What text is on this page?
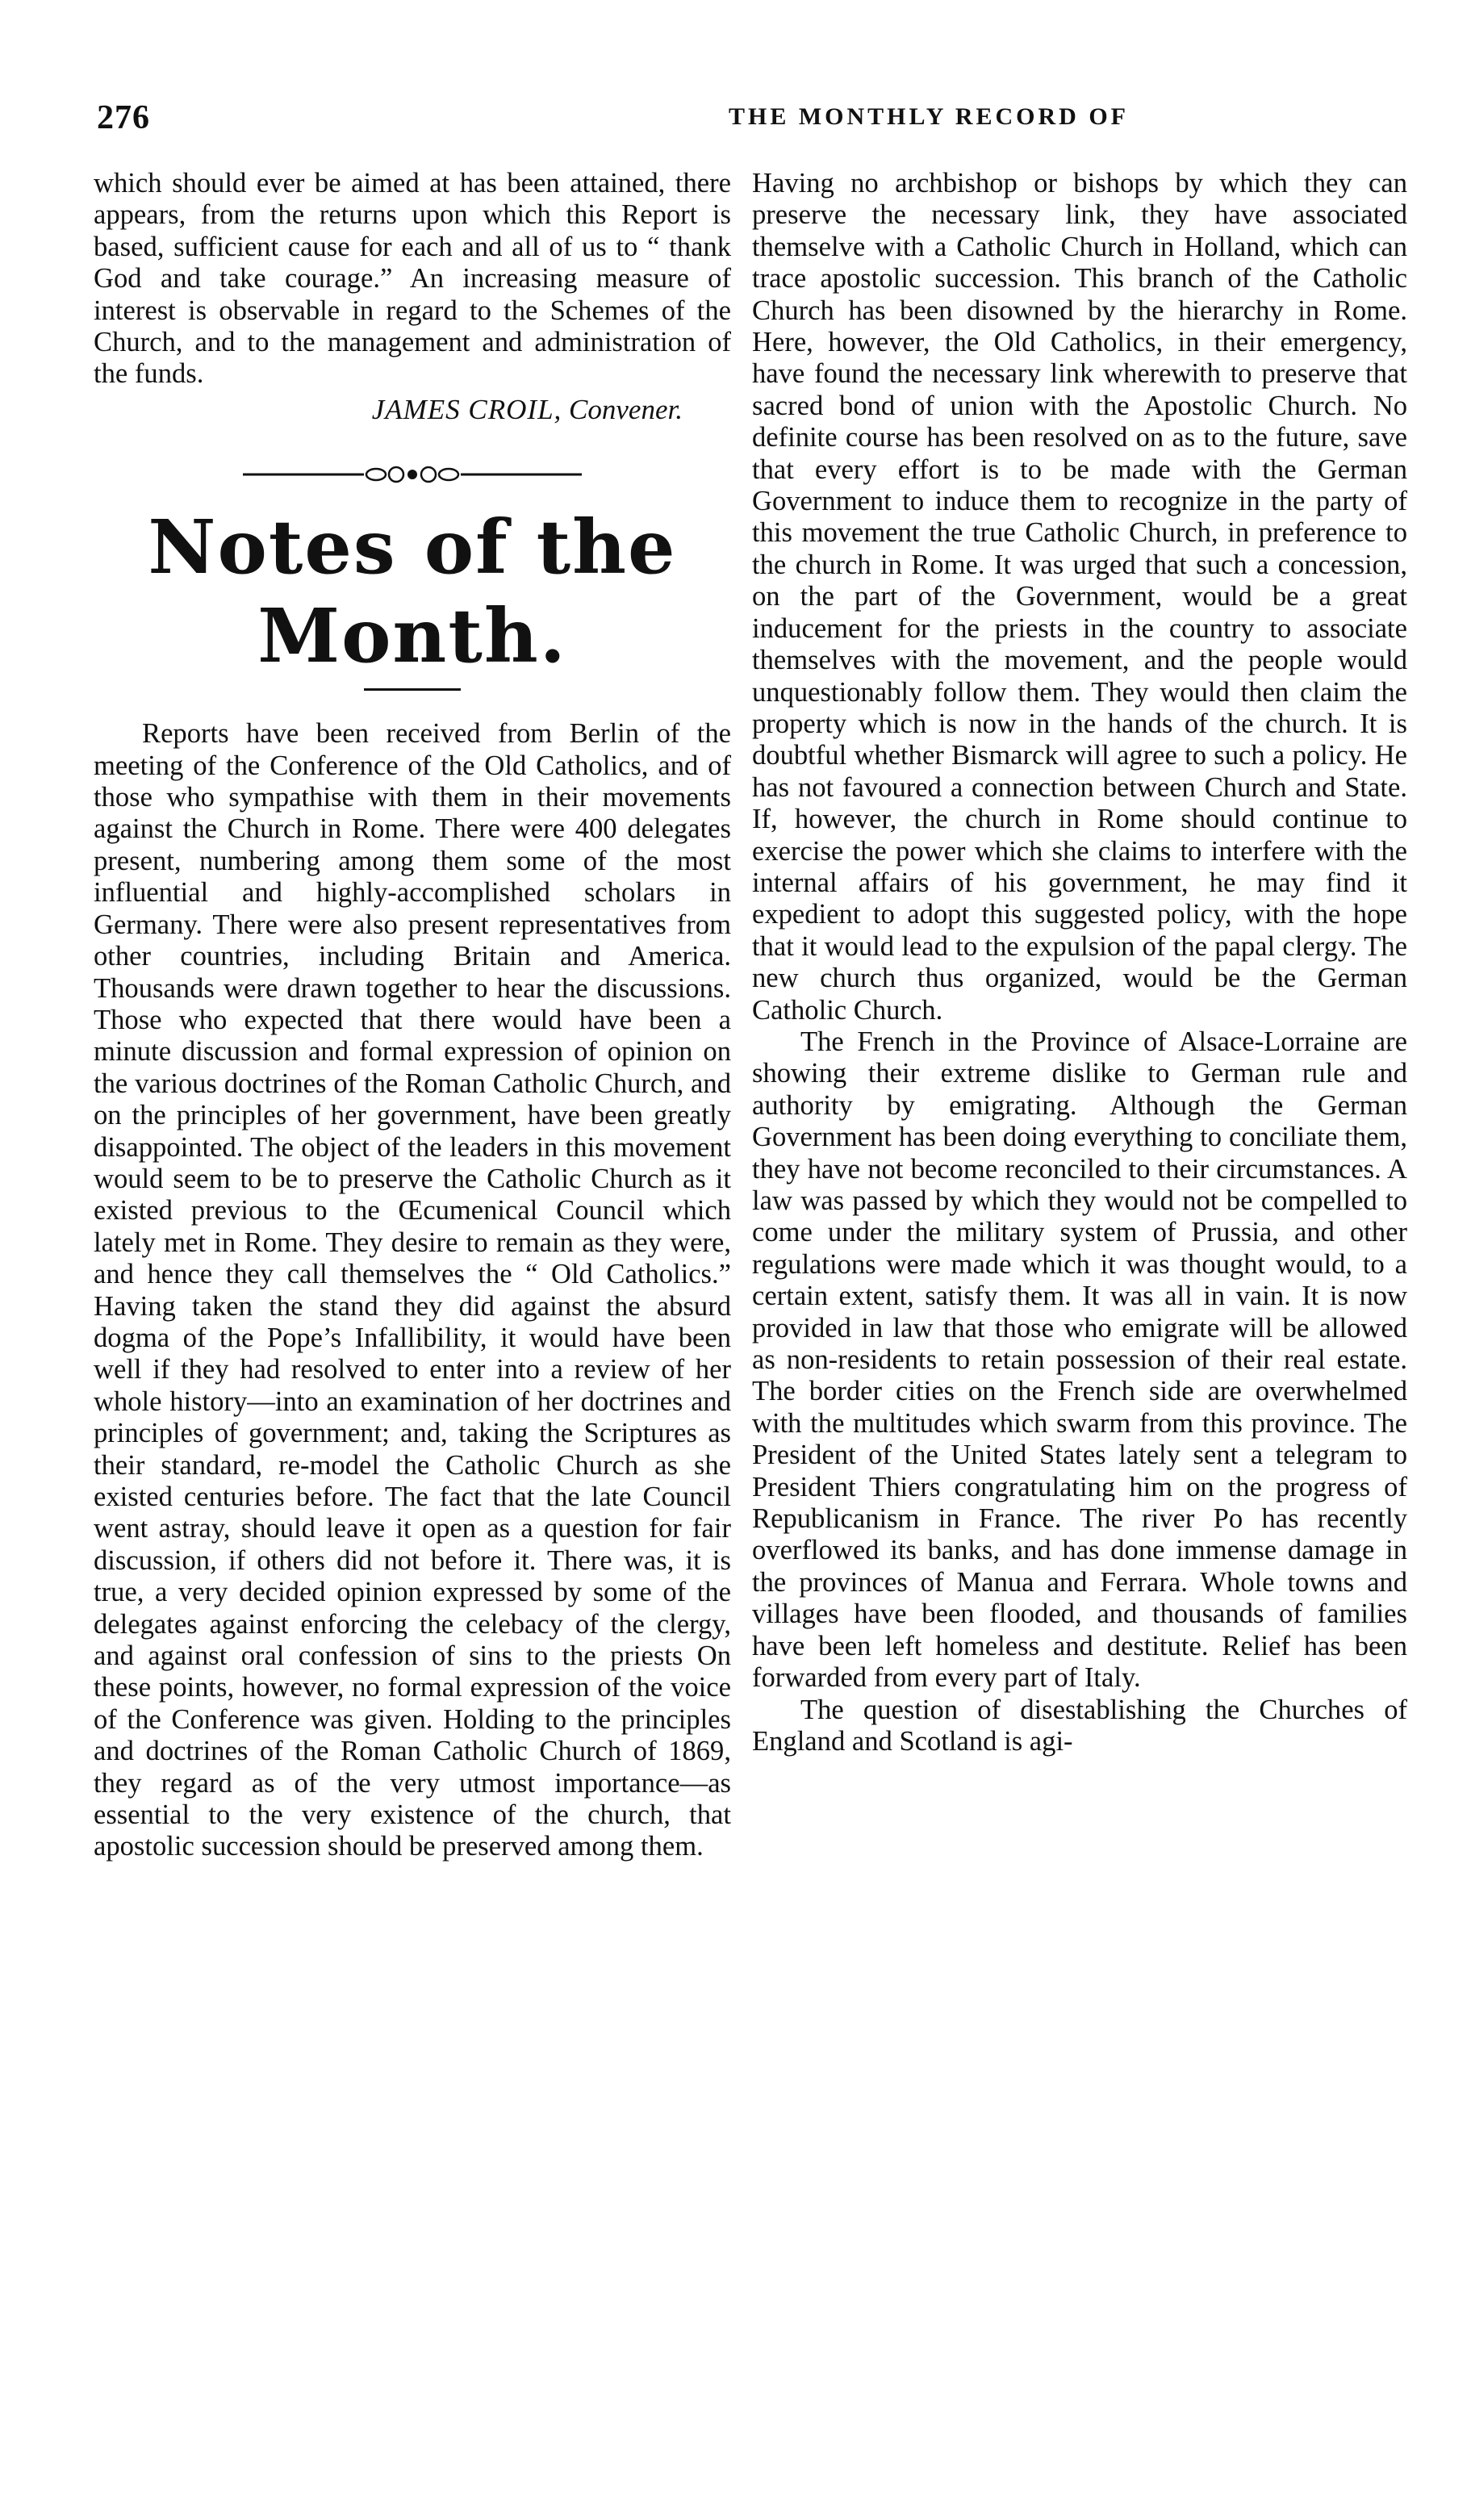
276	THE MONTHLY RECORD OF

which should ever be aimed at has been attained, there appears, from the returns upon which this Report is based, sufficient cause for each and all of us to “ thank God and take courage.” An increasing measure of interest is observable in regard to the Schemes of the Church, and to the management and administration of the funds.

JAMES CROIL, Convener.

Notes of the Month.

Reports have been received from Berlin of the meeting of the Conference of the Old Catholics, and of those who sympathise with them in their movements against the Church in Rome. There were 400 delegates present, numbering among them some of the most influential and highly-accomplished scholars in Germany. There were also present representatives from other countries, including Britain and America. Thousands were drawn together to hear the discussions. Those who expected that there would have been a minute discussion and formal expression of opinion on the various doctrines of the Roman Catholic Church, and on the principles of her government, have been greatly disappointed. The object of the leaders in this movement would seem to be to preserve the Catholic Church as it existed previous to the Œcumenical Council which lately met in Rome. They desire to remain as they were, and hence they call themselves the “ Old Catholics.” Having taken the stand they did against the absurd dogma of the Pope’s Infallibility, it would have been well if they had resolved to enter into a review of her whole history—into an examination of her doctrines and principles of government; and, taking the Scriptures as their standard, re-model the Catholic Church as she existed centuries before. The fact that the late Council went astray, should leave it open as a question for fair discussion, if others did not before it. There was, it is true, a very decided opinion expressed by some of the delegates against enforcing the celebacy of the clergy, and against oral confession of sins to the priests On these points, however, no formal expression of the voice of the Conference was given. Holding to the principles and doctrines of the Roman Catholic Church of 1869, they regard as of the very utmost importance—as essential to the very existence of the church, that apostolic succession should be preserved among them.

Having no archbishop or bishops by which they can preserve the necessary link, they have associated themselve with a Catholic Church in Holland, which can trace apostolic succession. This branch of the Catholic Church has been disowned by the hierarchy in Rome. Here, however, the Old Catholics, in their emergency, have found the necessary link wherewith to preserve that sacred bond of union with the Apostolic Church. No definite course has been resolved on as to the future, save that every effort is to be made with the German Government to induce them to recognize in the party of this movement the true Catholic Church, in preference to the church in Rome. It was urged that such a concession, on the part of the Government, would be a great inducement for the priests in the country to associate themselves with the movement, and the people would unquestionably follow them. They would then claim the property which is now in the hands of the church. It is doubtful whether Bismarck will agree to such a policy. He has not favoured a connection between Church and State. If, however, the church in Rome should continue to exercise the power which she claims to interfere with the internal affairs of his government, he may find it expedient to adopt this suggested policy, with the hope that it would lead to the expulsion of the papal clergy. The new church thus organized, would be the German Catholic Church.

The French in the Province of Alsace-Lorraine are showing their extreme dislike to German rule and authority by emigrating. Although the German Government has been doing everything to conciliate them, they have not become reconciled to their circumstances. A law was passed by which they would not be compelled to come under the military system of Prussia, and other regulations were made which it was thought would, to a certain extent, satisfy them. It was all in vain. It is now provided in law that those who emigrate will be allowed as non-residents to retain possession of their real estate. The border cities on the French side are overwhelmed with the multitudes which swarm from this province. The President of the United States lately sent a telegram to President Thiers congratulating him on the progress of Republicanism in France. The river Po has recently overflowed its banks, and has done immense damage in the provinces of Manua and Ferrara. Whole towns and villages have been flooded, and thousands of families have been left homeless and destitute. Relief has been forwarded from every part of Italy.

The question of disestablishing the Churches of England and Scotland is agi-
